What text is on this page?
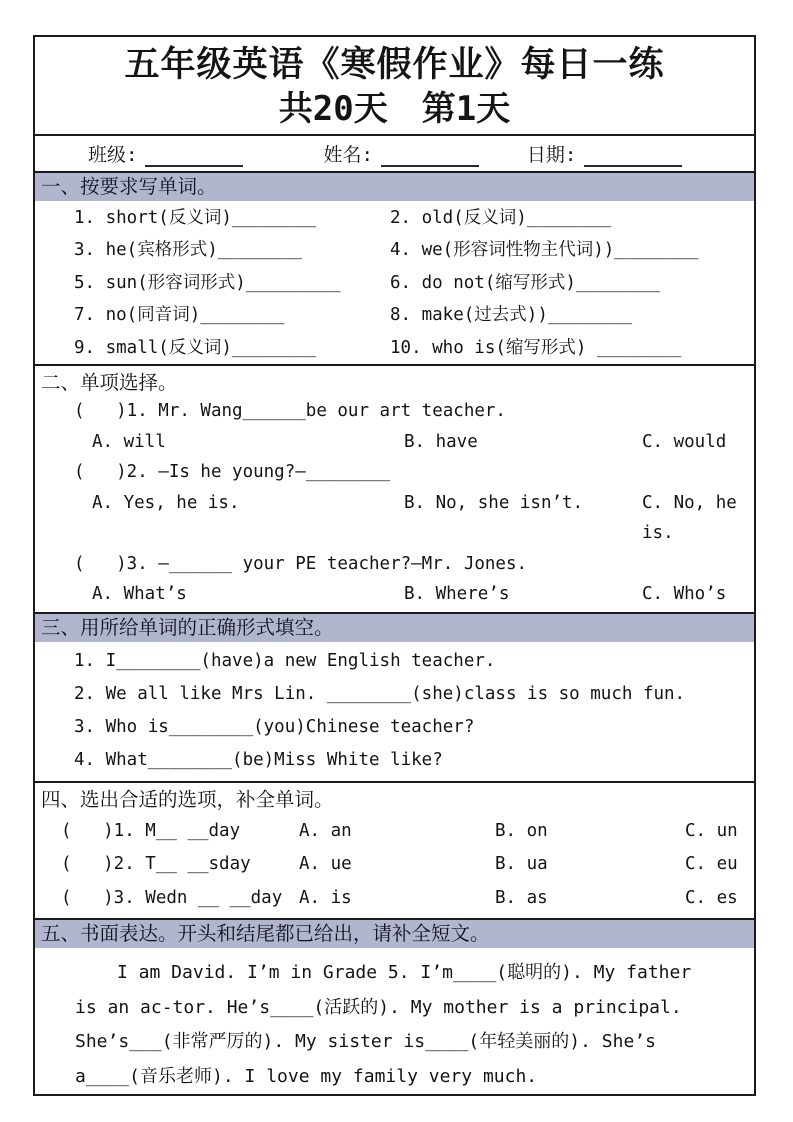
五年级英语《寒假作业》每日一练
共20天　第1天
班级:	姓名:	日期:
一、按要求写单词。
1. short(反义词)________	2. old(反义词)________
3. he(宾格形式)________	4. we(形容词性物主代词))________
5. sun(形容词形式)_________	6. do not(缩写形式)________
7. no(同音词)________	8. make(过去式))________
9. small(反义词)________	10. who is(缩写形式) ________
二、单项选择。
(   )1. Mr. Wang______be our art teacher.
A. will	B. have	C. would
(   )2. —Is he young?—________
A. Yes, he is.	B. No, she isn’t.	C. No, he is.
(   )3. —______ your PE teacher?—Mr. Jones.
A. What’s	B. Where’s	C. Who’s
三、用所给单词的正确形式填空。
1. I________(have)a new English teacher.
2. We all like Mrs Lin. ________(she)class is so much fun.
3. Who is________(you)Chinese teacher?
4. What________(be)Miss White like?
四、选出合适的选项，补全单词。
(   )1. M__ __day	A. an	B. on	C. un
(   )2. T__ __sday	A. ue	B. ua	C. eu
(   )3. Wedn __ __day A. is	B. as	C. es
五、书面表达。开头和结尾都已给出，请补全短文。
I am David. I’m in Grade 5. I’m____(聪明的). My father is an ac-tor. He’s____(活跃的). My mother is a principal. She’s___(非常严厉的). My sister is____(年轻美丽的). She’s a____(音乐老师). I love my family very much.
